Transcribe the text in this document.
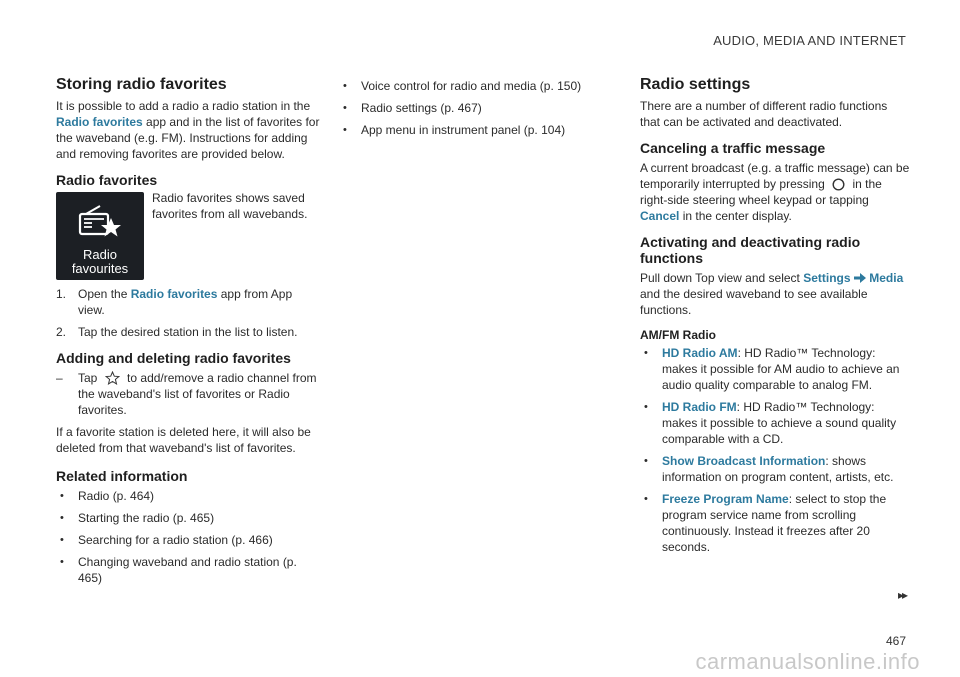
AUDIO, MEDIA AND INTERNET
Storing radio favorites

It is possible to add a radio a radio station in the Radio favorites app and in the list of favorites for the waveband (e.g. FM). Instructions for adding and removing favorites are provided below.

Radio favorites
Radio
favourites
Radio favorites shows saved favorites from all wavebands.
1. Open the Radio favorites app from App view.
2. Tap the desired station in the list to listen.
Adding and deleting radio favorites
– Tap to add/remove a radio channel from the waveband's list of favorites or Radio favorites.

If a favorite station is deleted here, it will also be deleted from that waveband's list of favorites.

Related information
• Radio (p. 464)
• Starting the radio (p. 465)
• Searching for a radio station (p. 466)
• Changing waveband and radio station (p. 465)
• Voice control for radio and media (p. 150)
• Radio settings (p. 467)
• App menu in instrument panel (p. 104)
Radio settings

There are a number of different radio functions that can be activated and deactivated.

Canceling a traffic message

A current broadcast (e.g. a traffic message) can be temporarily interrupted by pressing in the right-side steering wheel keypad or tapping Cancel in the center display.

Activating and deactivating radio functions

Pull down Top view and select Settings Media and the desired waveband to see available functions.

AM/FM Radio
• HD Radio AM: HD Radio™ Technology: makes it possible for AM audio to achieve an audio quality comparable to analog FM.
• HD Radio FM: HD Radio™ Technology: makes it possible to achieve a sound quality comparable with a CD.
• Show Broadcast Information: shows information on program content, artists, etc.
• Freeze Program Name: select to stop the program service name from scrolling continuously. Instead it freezes after 20 seconds.
▸▸
467
carmanualsonline.info
